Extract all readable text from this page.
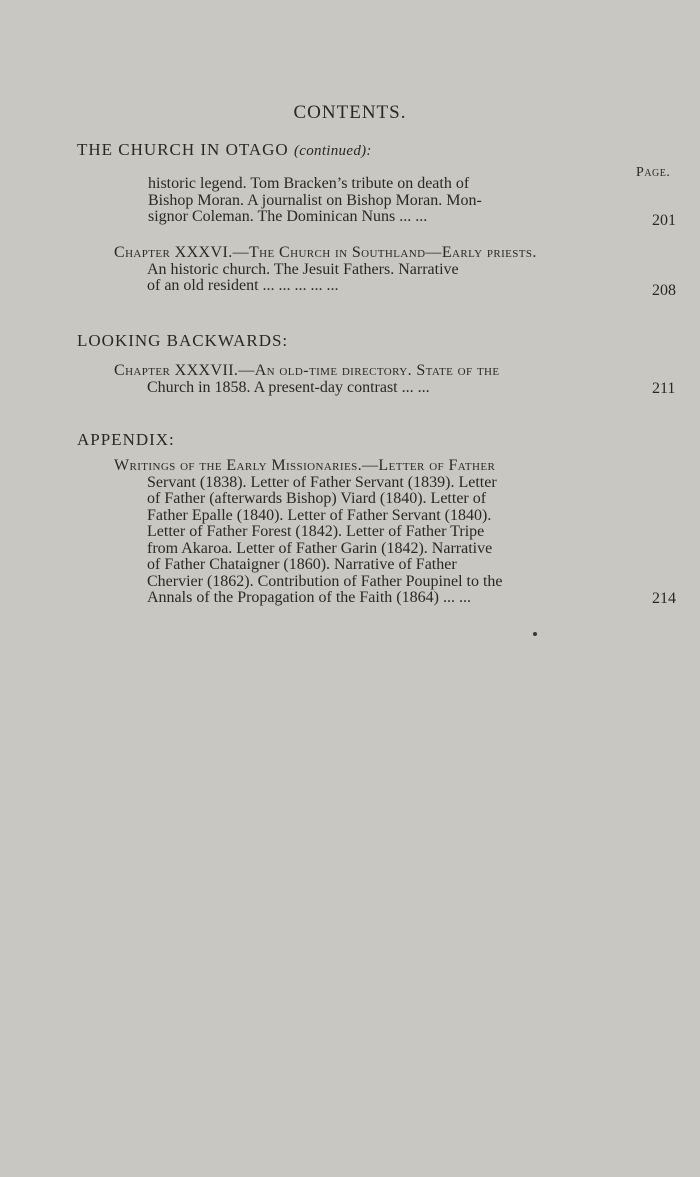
CONTENTS.
THE CHURCH IN OTAGO (continued):
Page.
historic legend. Tom Bracken’s tribute on death of
Bishop Moran. A journalist on Bishop Moran. Mon-
signor Coleman. The Dominican Nuns ... ...	201
Chapter XXXVI.—The Church in Southland—Early priests.
An historic church. The Jesuit Fathers. Narrative
of an old resident ... ... ... ... ...	208
LOOKING BACKWARDS:
Chapter XXXVII.—An old-time directory. State of the
Church in 1858. A present-day contrast ... ...	211
APPENDIX:
Writings of the Early Missionaries.—Letter of Father
Servant (1838). Letter of Father Servant (1839). Letter
of Father (afterwards Bishop) Viard (1840). Letter of
Father Epalle (1840). Letter of Father Servant (1840).
Letter of Father Forest (1842). Letter of Father Tripe
from Akaroa. Letter of Father Garin (1842). Narrative
of Father Chataigner (1860). Narrative of Father
Chervier (1862). Contribution of Father Poupinel to the
Annals of the Propagation of the Faith (1864) ... ...	214
